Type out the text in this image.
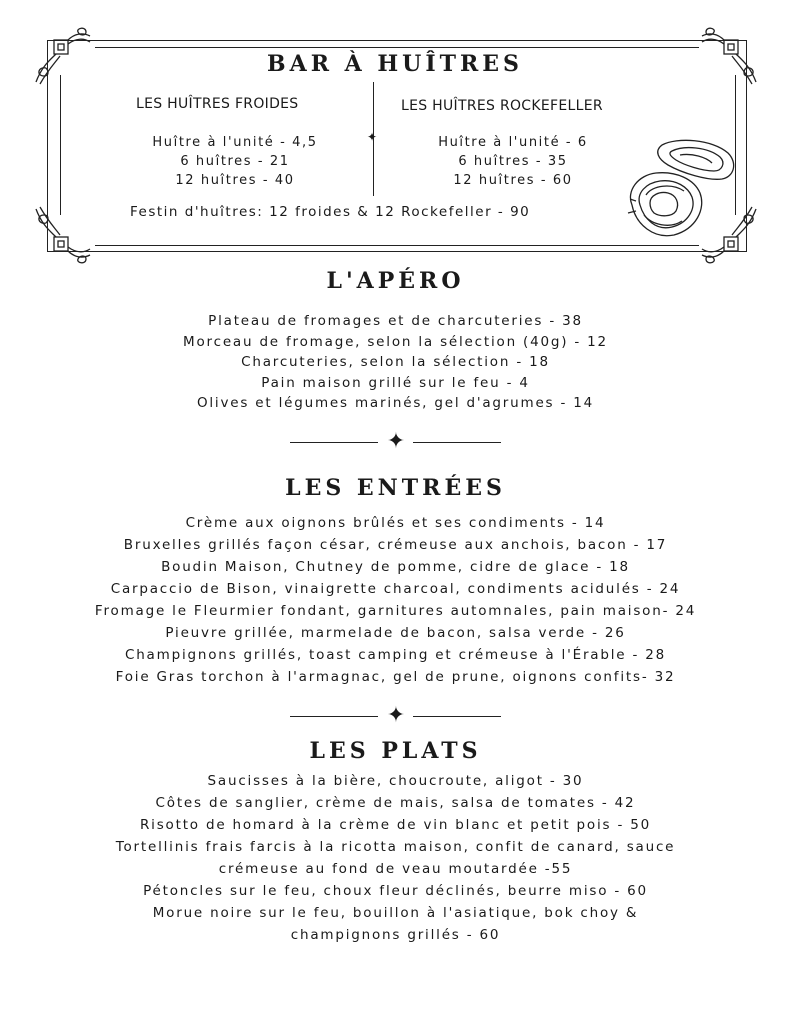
BAR À HUÎTRES
LES HUÎTRES FROIDES	LES HUÎTRES ROCKEFELLER
Huître à l'unité - 4,5
6 huîtres - 21
12 huîtres - 40
✦	Huître à l'unité - 6
6 huîtres - 35
12 huîtres - 60
Festin d'huîtres: 12 froides & 12 Rockefeller - 90
L'APÉRO
Plateau de fromages et de charcuteries - 38
Morceau de fromage, selon la sélection (40g) - 12
Charcuteries, selon la sélection - 18
Pain maison grillé sur le feu - 4
Olives et légumes marinés, gel d'agrumes - 14
✦
LES ENTRÉES
Crème aux oignons brûlés et ses condiments - 14
Bruxelles grillés façon césar, crémeuse aux anchois, bacon - 17
Boudin Maison, Chutney de pomme, cidre de glace - 18
Carpaccio de Bison, vinaigrette charcoal, condiments acidulés - 24
Fromage le Fleurmier fondant, garnitures automnales, pain maison- 24
Pieuvre grillée, marmelade de bacon, salsa verde - 26
Champignons grillés, toast camping et crémeuse à l'Érable - 28
Foie Gras torchon à l'armagnac, gel de prune, oignons confits- 32
✦
LES PLATS
Saucisses à la bière, choucroute, aligot - 30
Côtes de sanglier, crème de mais, salsa de tomates - 42
Risotto de homard à la crème de vin blanc et petit pois - 50
Tortellinis frais farcis à la ricotta maison, confit de canard, sauce
crémeuse au fond de veau moutardée -55
Pétoncles sur le feu, choux fleur déclinés, beurre miso - 60
Morue noire sur le feu, bouillon à l'asiatique, bok choy &
champignons grillés - 60
